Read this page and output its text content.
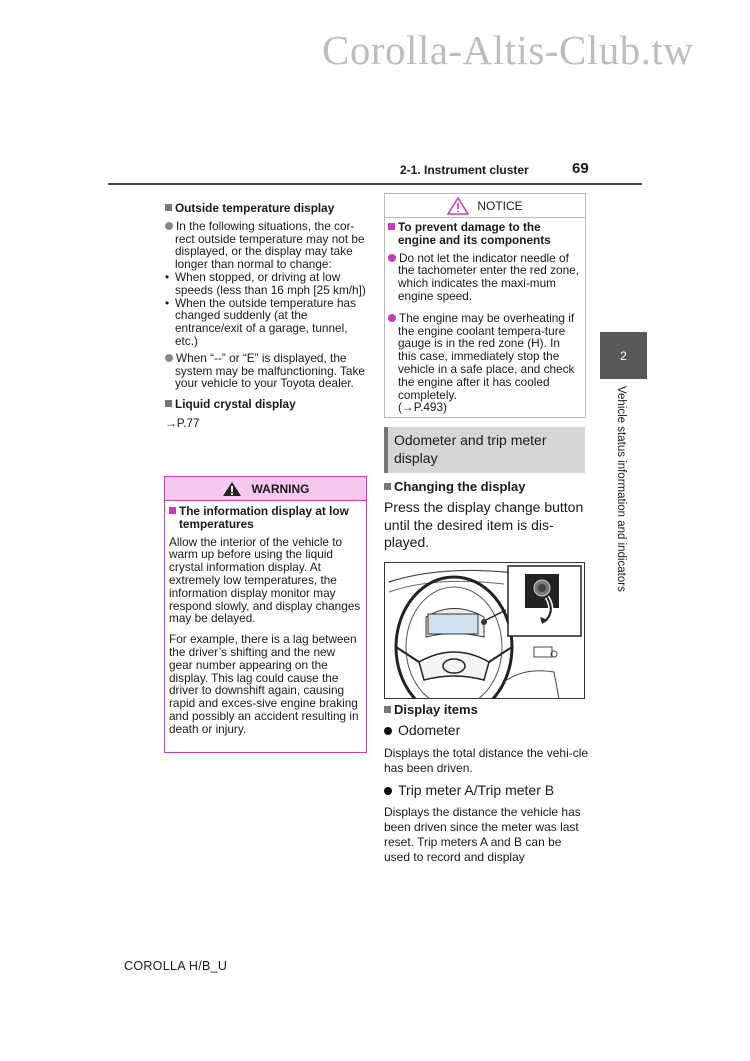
Corolla-Altis-Club.tw
2-1. Instrument cluster	69
2
Vehicle status information and indicators

Outside temperature display

In the following situations, the cor-rect outside temperature may not be displayed, or the display may take longer than normal to change:

• When stopped, or driving at low speeds (less than 16 mph [25 km/h])

• When the outside temperature has changed suddenly (at the entrance/exit of a garage, tunnel, etc.)

When “--” or “E” is displayed, the system may be malfunctioning. Take your vehicle to your Toyota dealer.

Liquid crystal display

→P.77

WARNING

The information display at low temperatures

Allow the interior of the vehicle to warm up before using the liquid crystal information display. At extremely low temperatures, the information display monitor may respond slowly, and display changes may be delayed.

For example, there is a lag between the driver’s shifting and the new gear number appearing on the display. This lag could cause the driver to downshift again, causing rapid and exces-sive engine braking and possibly an accident resulting in death or injury.

NOTICE

To prevent damage to the engine and its components

Do not let the indicator needle of the tachometer enter the red zone, which indicates the maxi-mum engine speed.

The engine may be overheating if the engine coolant tempera-ture gauge is in the red zone (H). In this case, immediately stop the vehicle in a safe place, and check the engine after it has cooled completely.

(→P.493)

Odometer and trip meter display

Changing the display

Press the display change button until the desired item is dis-played.

Display items

Odometer

Displays the total distance the vehi-cle has been driven.

Trip meter A/Trip meter B

Displays the distance the vehicle has been driven since the meter was last reset. Trip meters A and B can be used to record and display

COROLLA H/B_U
